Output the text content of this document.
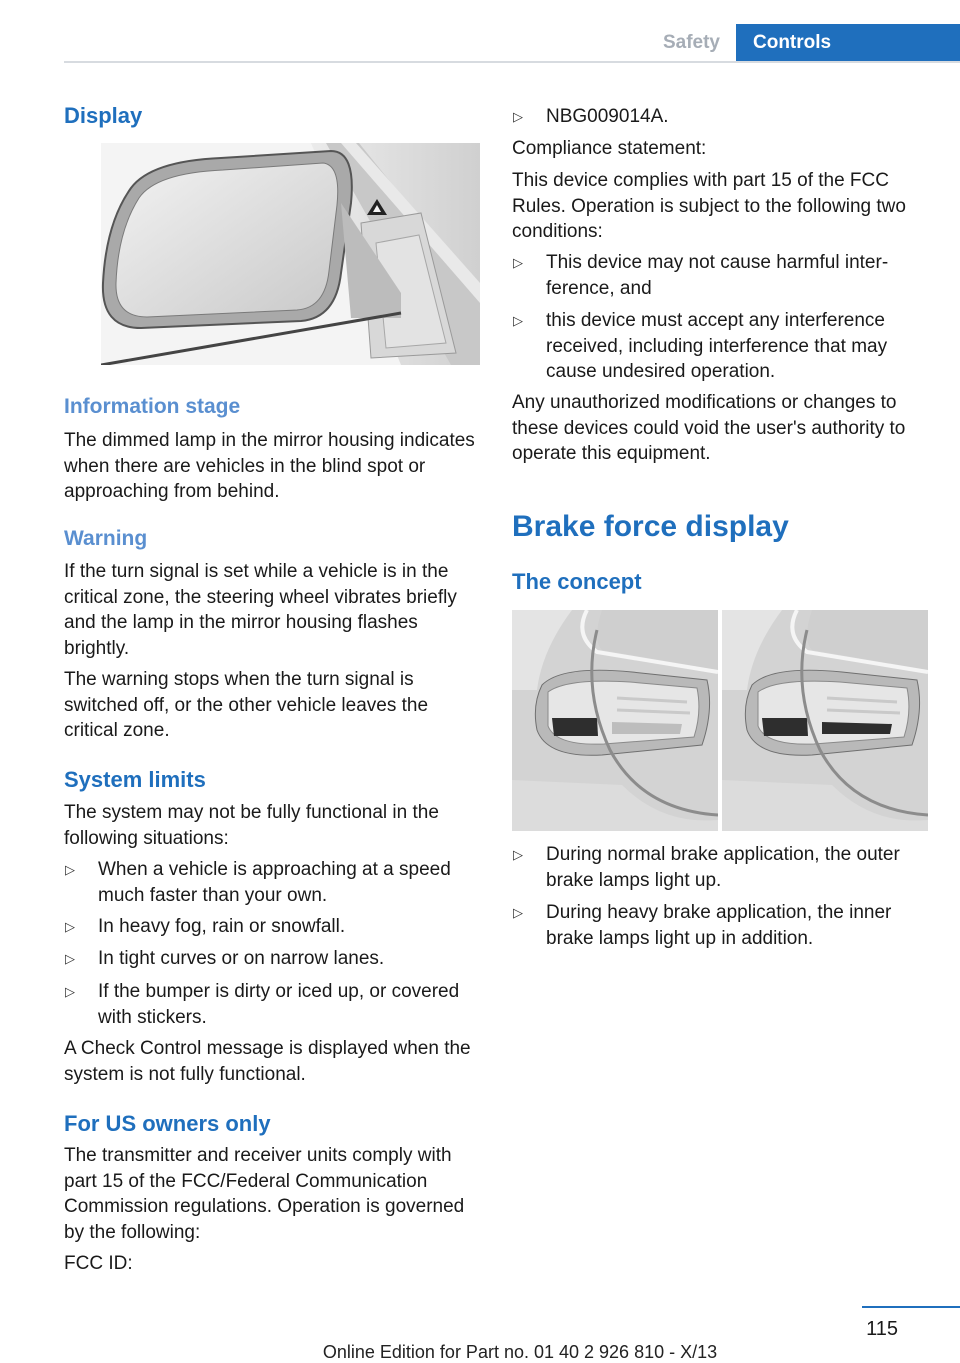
Safety	Controls
Display
Information stage
The dimmed lamp in the mirror housing indicates when there are vehicles in the blind spot or approaching from behind.
Warning
If the turn signal is set while a vehicle is in the critical zone, the steering wheel vibrates briefly and the lamp in the mirror housing flashes brightly.
The warning stops when the turn signal is switched off, or the other vehicle leaves the critical zone.
System limits
The system may not be fully functional in the following situations:
▷ When a vehicle is approaching at a speed much faster than your own.
▷ In heavy fog, rain or snowfall.
▷ In tight curves or on narrow lanes.
▷ If the bumper is dirty or iced up, or covered with stickers.
A Check Control message is displayed when the system is not fully functional.
For US owners only
The transmitter and receiver units comply with part 15 of the FCC/Federal Communication Commission regulations. Operation is governed by the following:
FCC ID:
▷ NBG009014A.
Compliance statement:
This device complies with part 15 of the FCC Rules. Operation is subject to the following two conditions:
▷ This device may not cause harmful interference, and
▷ this device must accept any interference received, including interference that may cause undesired operation.
Any unauthorized modifications or changes to these devices could void the user's authority to operate this equipment.
Brake force display
The concept
▷ During normal brake application, the outer brake lamps light up.
▷ During heavy brake application, the inner brake lamps light up in addition.
115
Online Edition for Part no. 01 40 2 926 810 - X/13
